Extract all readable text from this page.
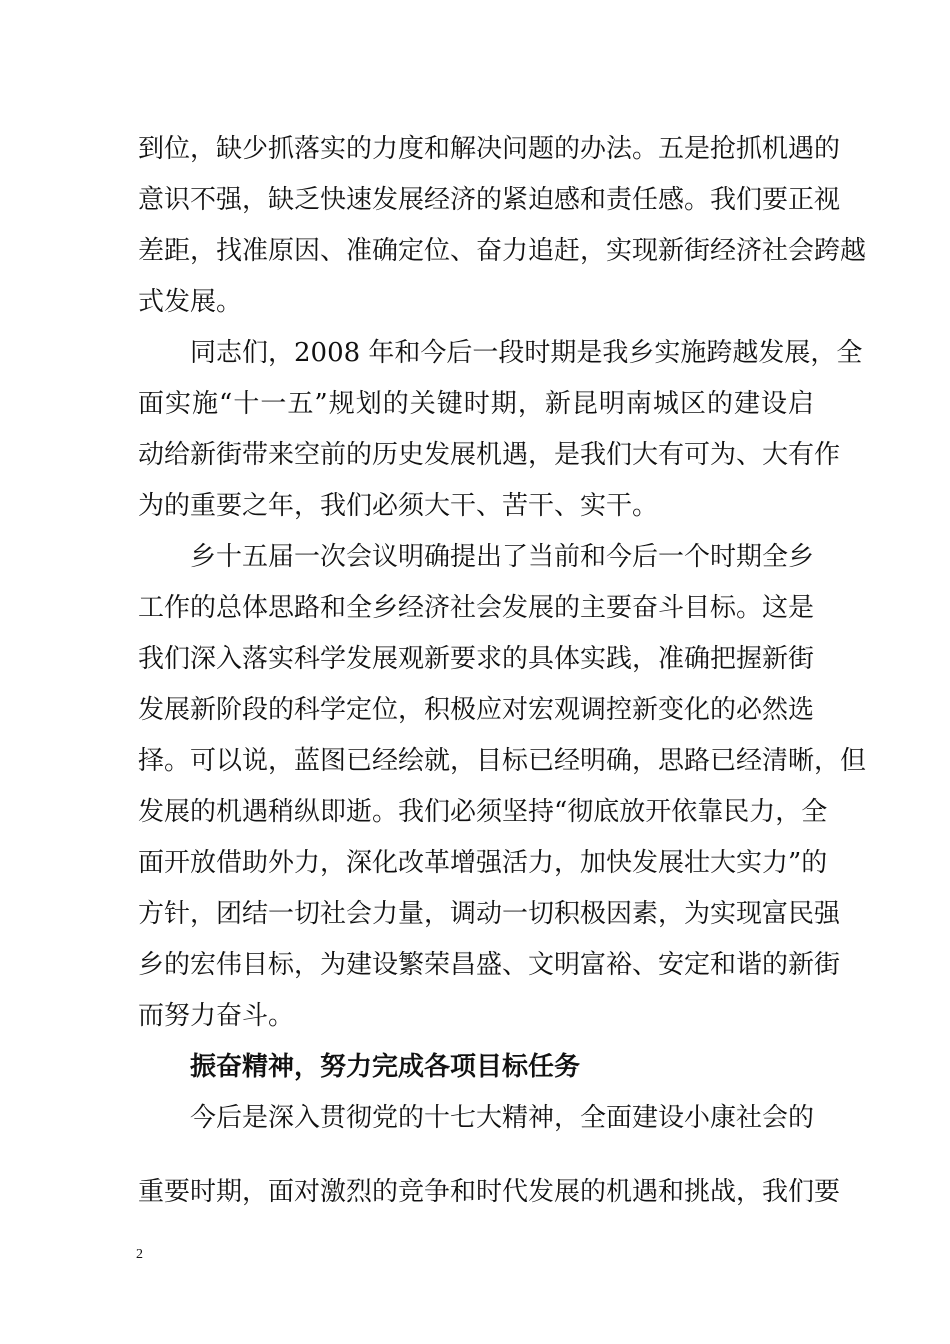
到位，缺少抓落实的力度和解决问题的办法。五是抢抓机遇的
意识不强，缺乏快速发展经济的紧迫感和责任感。我们要正视
差距，找准原因、准确定位、奋力追赶，实现新街经济社会跨越
式发展。
同志们，2008 年和今后一段时期是我乡实施跨越发展，全
面实施“十一五”规划的关键时期，新昆明南城区的建设启
动给新街带来空前的历史发展机遇，是我们大有可为、大有作
为的重要之年，我们必须大干、苦干、实干。
乡十五届一次会议明确提出了当前和今后一个时期全乡
工作的总体思路和全乡经济社会发展的主要奋斗目标。这是
我们深入落实科学发展观新要求的具体实践，准确把握新街
发展新阶段的科学定位，积极应对宏观调控新变化的必然选
择。可以说，蓝图已经绘就，目标已经明确，思路已经清晰，但
发展的机遇稍纵即逝。我们必须坚持“彻底放开依靠民力，全
面开放借助外力，深化改革增强活力，加快发展壮大实力”的
方针，团结一切社会力量，调动一切积极因素，为实现富民强
乡的宏伟目标，为建设繁荣昌盛、文明富裕、安定和谐的新街
而努力奋斗。
振奋精神，努力完成各项目标任务
今后是深入贯彻党的十七大精神，全面建设小康社会的
重要时期，面对激烈的竞争和时代发展的机遇和挑战，我们要
2
